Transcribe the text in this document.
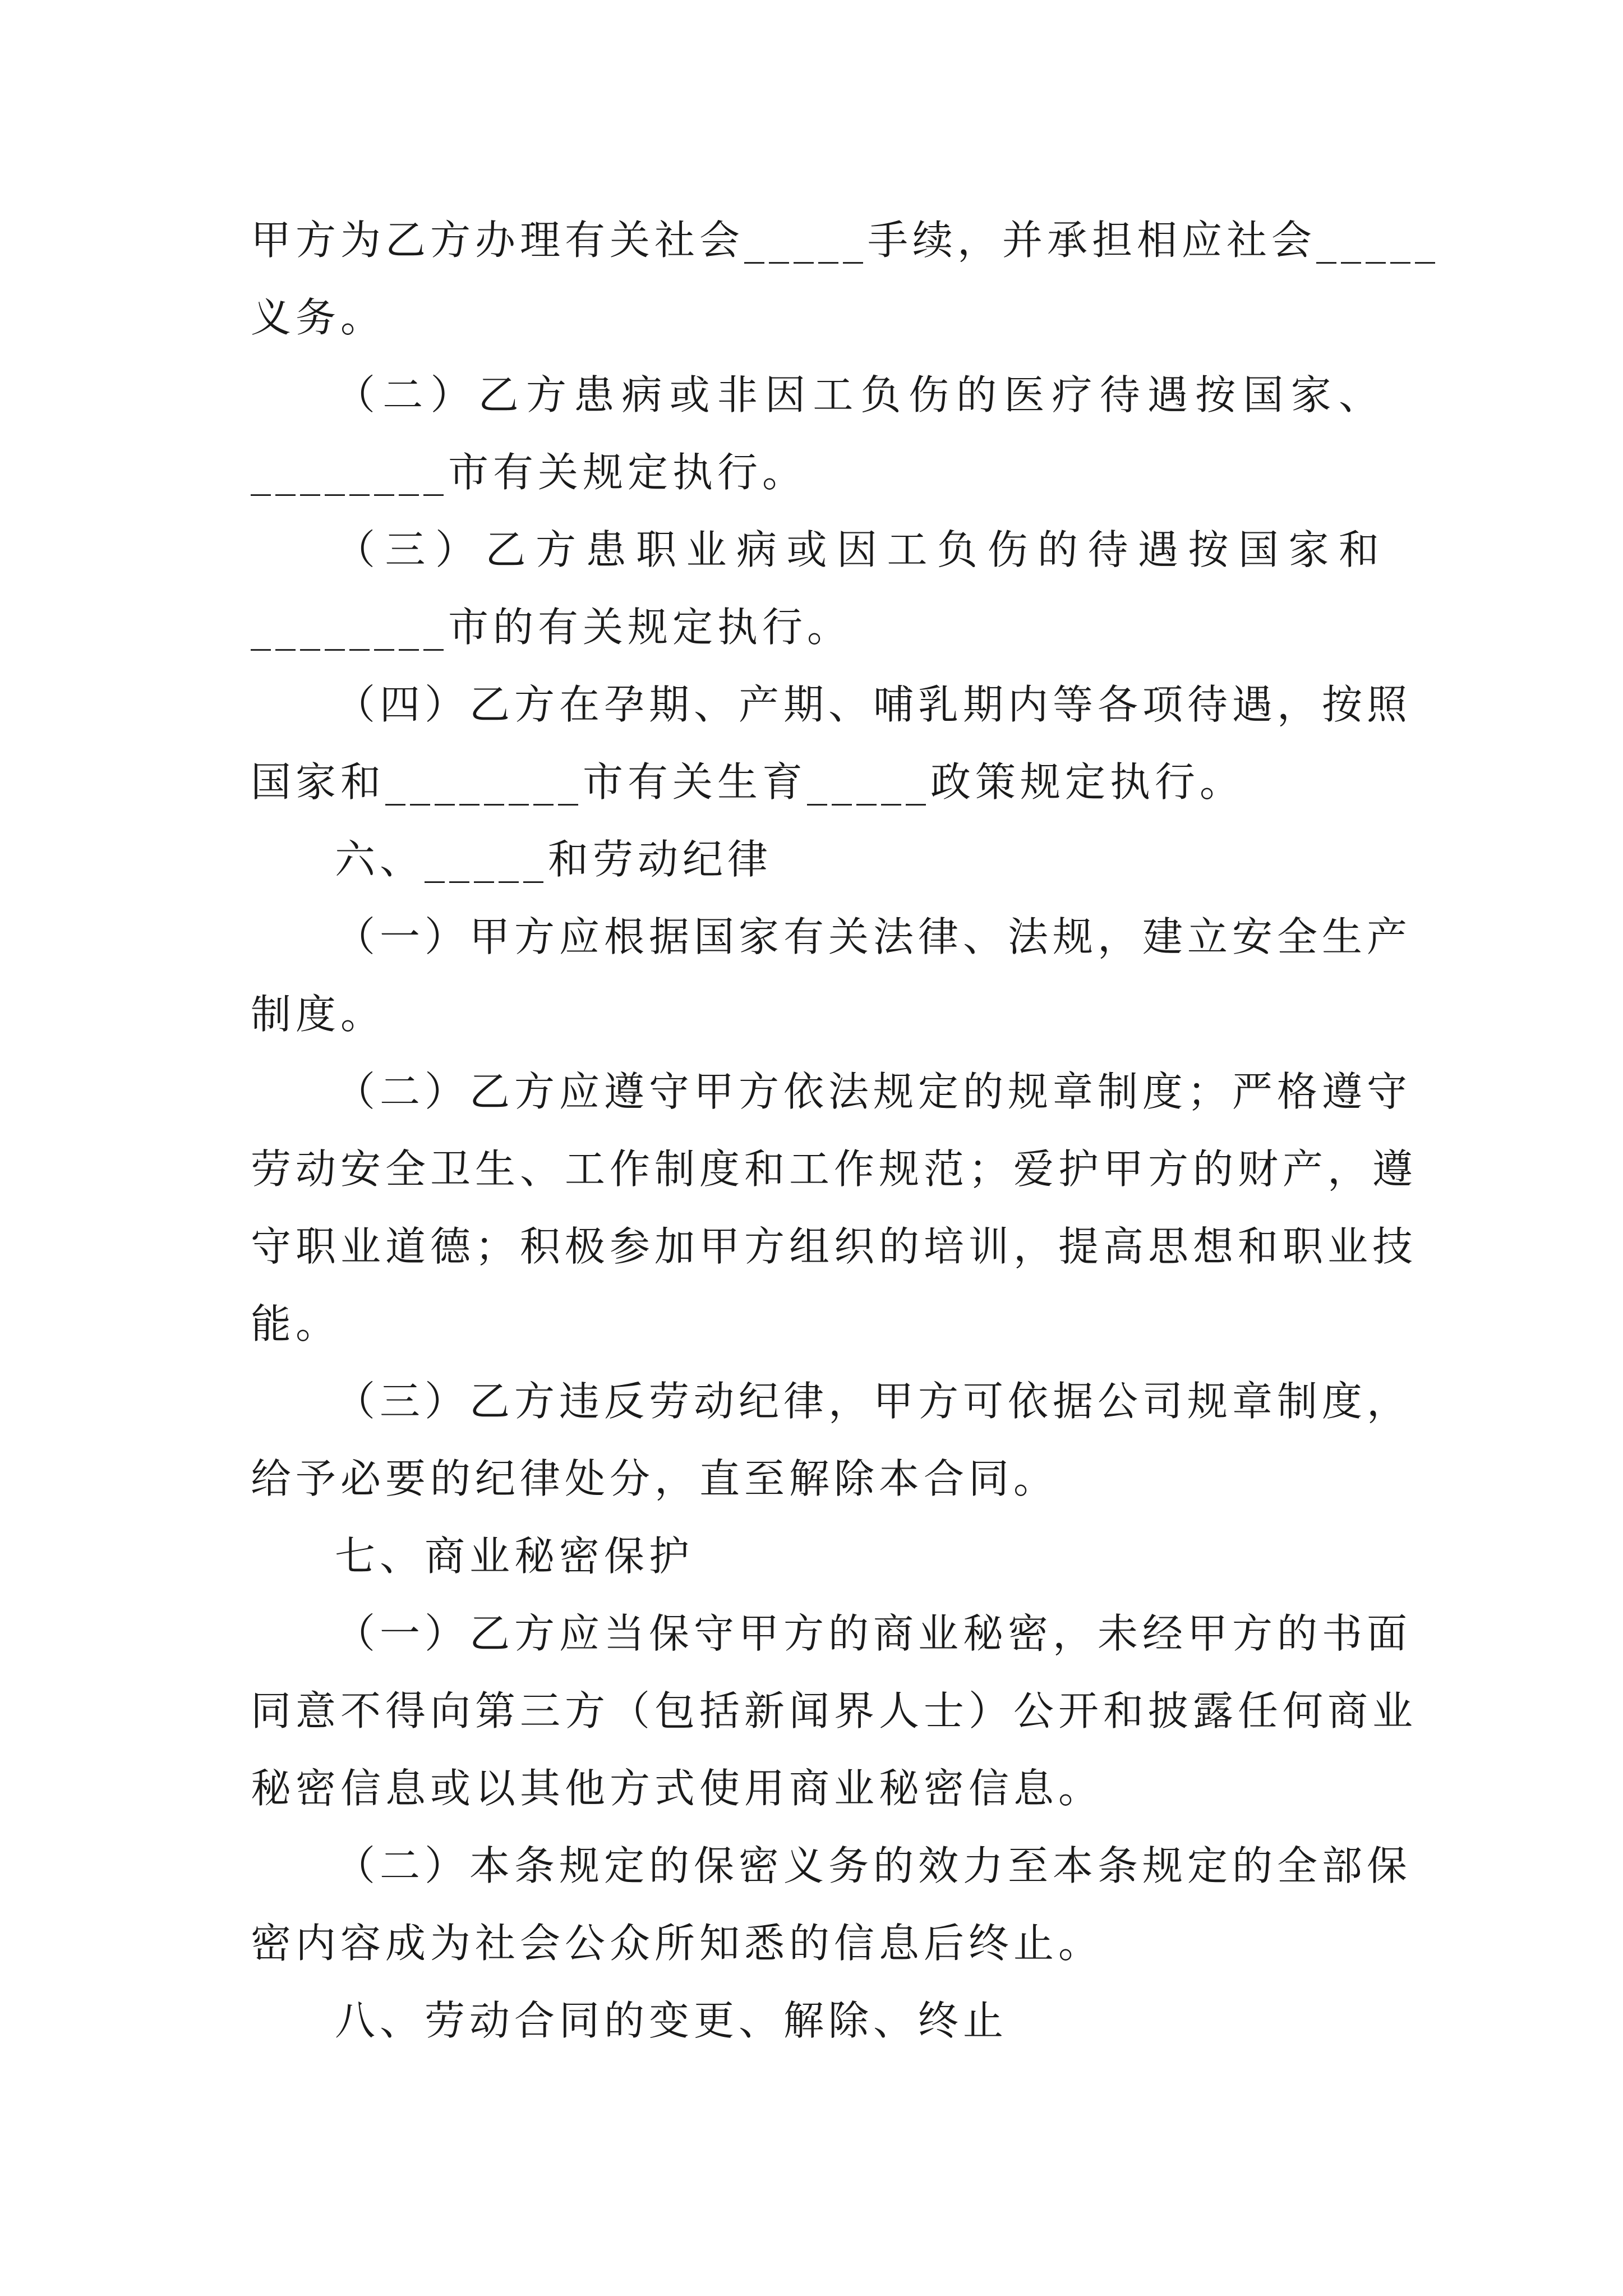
甲方为乙方办理有关社会_____手续，并承担相应社会_____
义务。
（二）乙方患病或非因工负伤的医疗待遇按国家、
________市有关规定执行。
（三）乙方患职业病或因工负伤的待遇按国家和
________市的有关规定执行。
（四）乙方在孕期、产期、哺乳期内等各项待遇，按照
国家和________市有关生育_____政策规定执行。
六、_____和劳动纪律
（一）甲方应根据国家有关法律、法规，建立安全生产
制度。
（二）乙方应遵守甲方依法规定的规章制度；严格遵守
劳动安全卫生、工作制度和工作规范；爱护甲方的财产，遵
守职业道德；积极参加甲方组织的培训，提高思想和职业技
能。
（三）乙方违反劳动纪律，甲方可依据公司规章制度，
给予必要的纪律处分，直至解除本合同。
七、商业秘密保护
（一）乙方应当保守甲方的商业秘密，未经甲方的书面
同意不得向第三方（包括新闻界人士）公开和披露任何商业
秘密信息或以其他方式使用商业秘密信息。
（二）本条规定的保密义务的效力至本条规定的全部保
密内容成为社会公众所知悉的信息后终止。
八、劳动合同的变更、解除、终止
